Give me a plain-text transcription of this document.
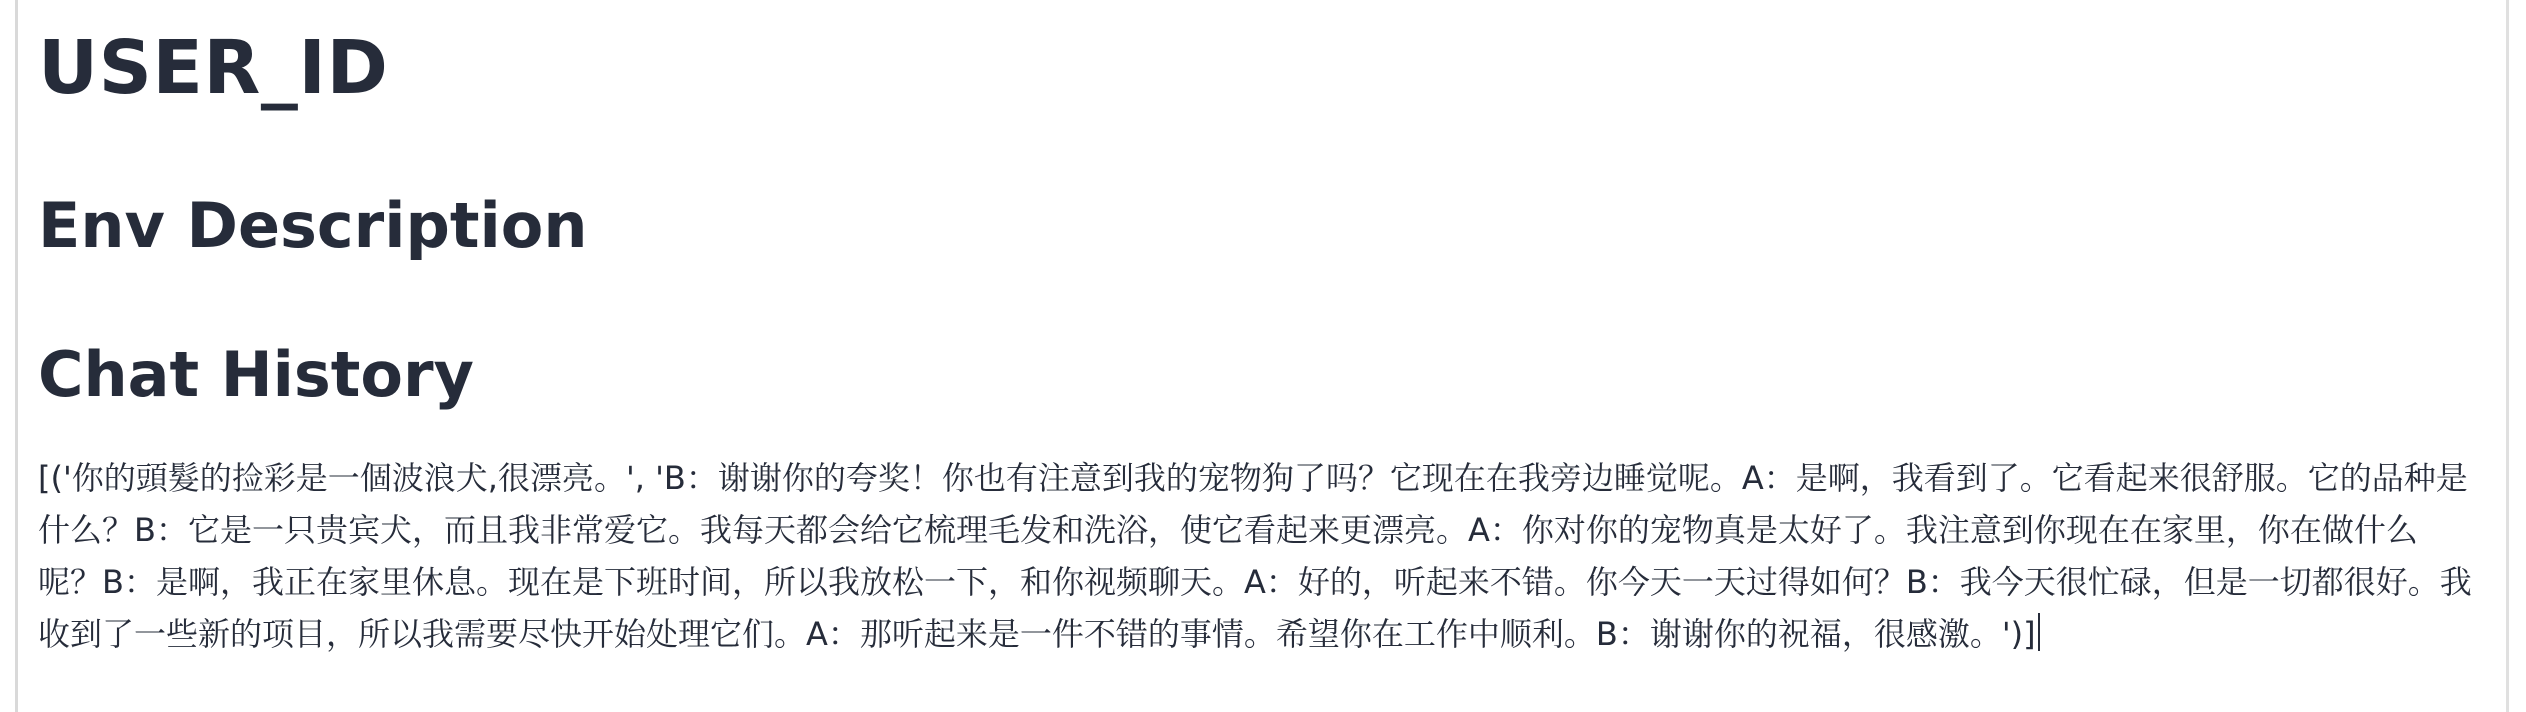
USER_ID
Env Description
Chat History

[('你的頭髮的捡彩是一個波浪犬,很漂亮。', 'B：谢谢你的夸奖！你也有注意到我的宠物狗了吗？它现在在我旁边睡觉呢。A：是啊，我看到了。它看起来很舒服。它的品种是什么？B：它是一只贵宾犬，而且我非常爱它。我每天都会给它梳理毛发和洗浴，使它看起来更漂亮。A：你对你的宠物真是太好了。我注意到你现在在家里，你在做什么呢？B：是啊，我正在家里休息。现在是下班时间，所以我放松一下，和你视频聊天。A：好的，听起来不错。你今天一天过得如何？B：我今天很忙碌，但是一切都很好。我收到了一些新的项目，所以我需要尽快开始处理它们。A：那听起来是一件不错的事情。希望你在工作中顺利。B：谢谢你的祝福，很感激。')]
